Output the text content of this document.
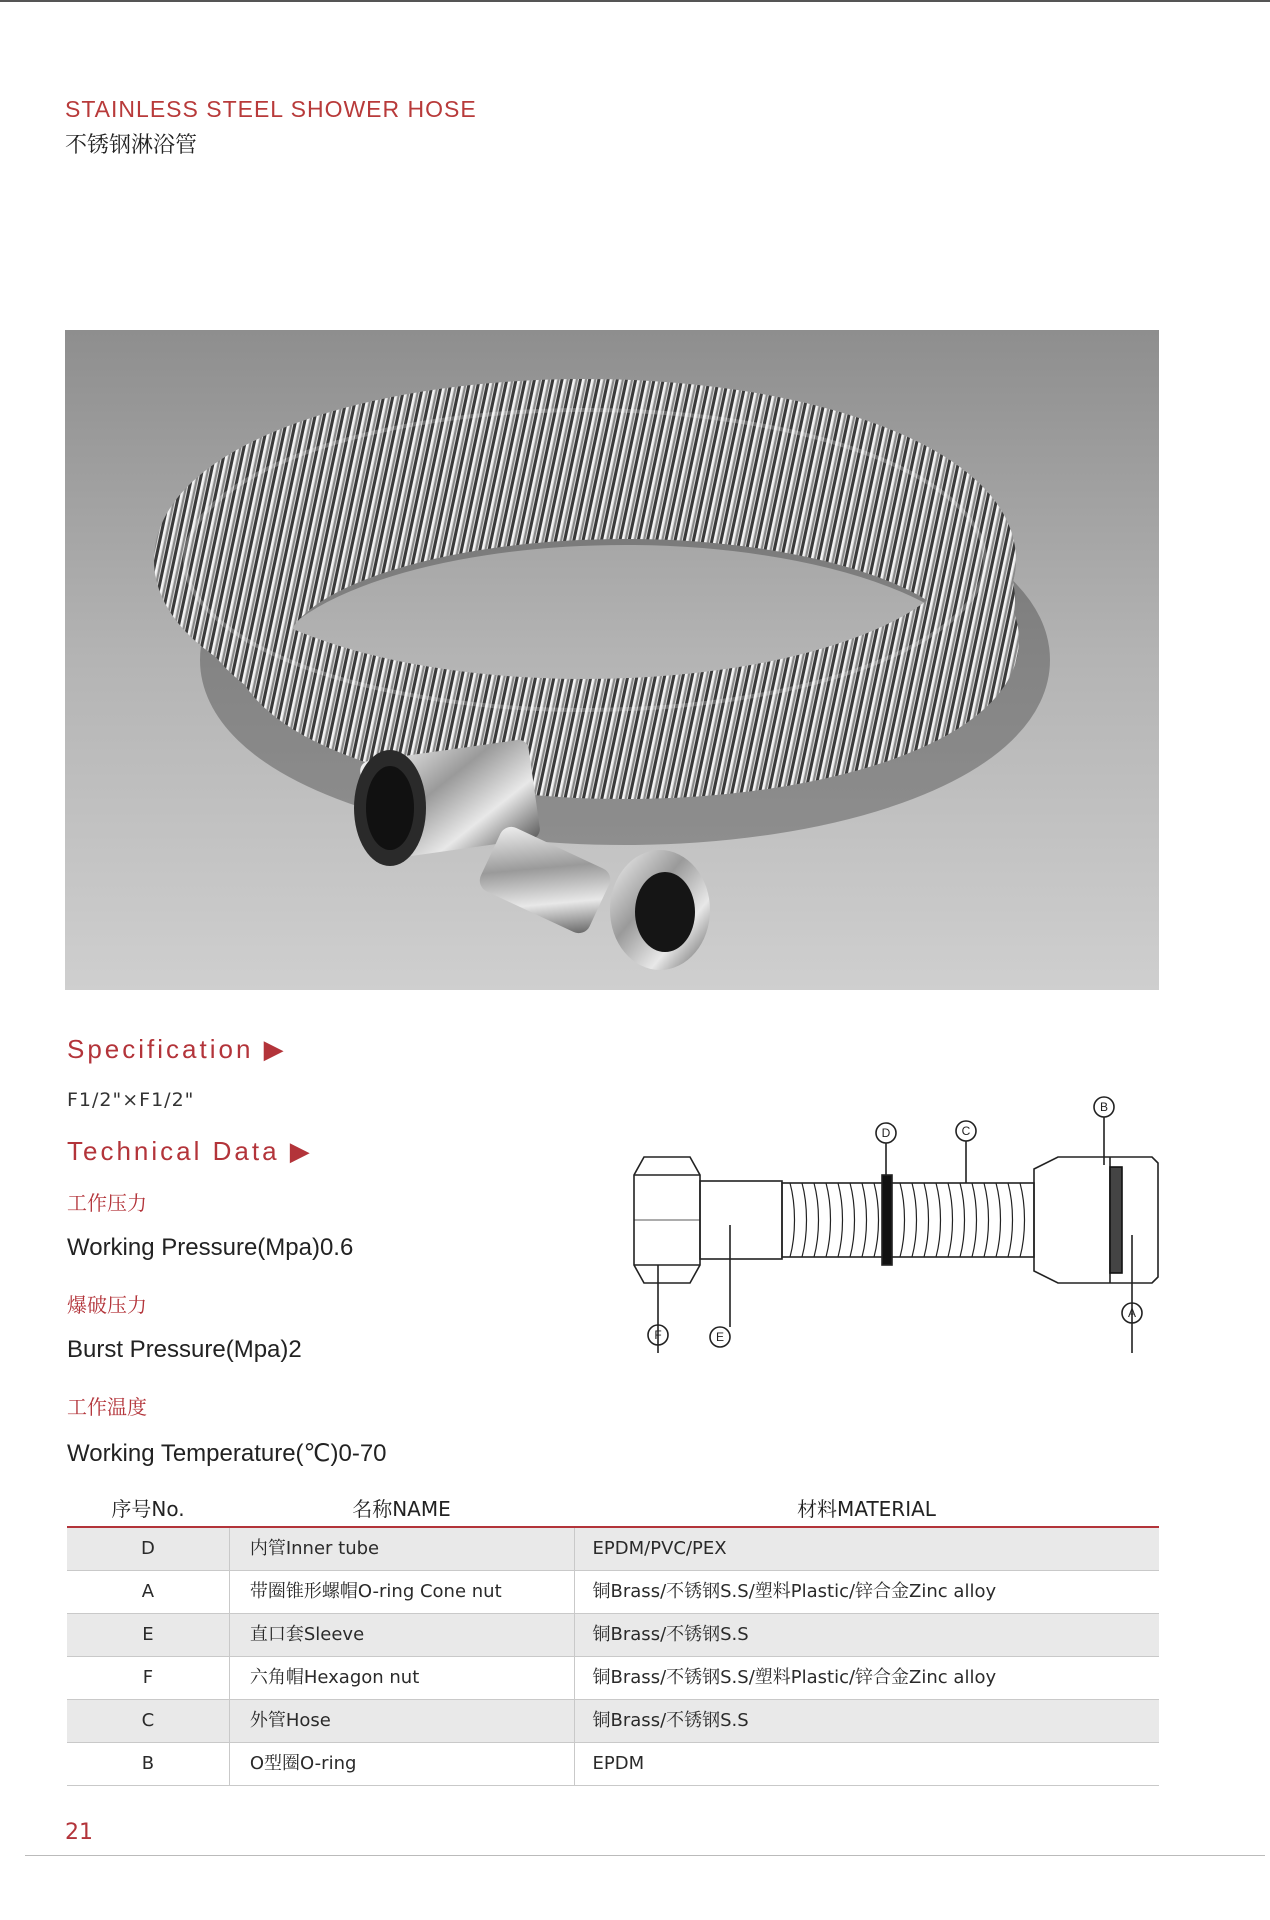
STAINLESS STEEL SHOWER HOSE
不锈钢淋浴管
Specification ▶
F1/2"×F1/2"
Technical Data ▶
工作压力
Working Pressure(Mpa)0.6
爆破压力
Burst Pressure(Mpa)2
工作温度
Working Temperature(℃)0-70
D	C
B
E
F
A
序号No.	名称NAME	材料MATERIAL
D	内管Inner tube	EPDM/PVC/PEX
A	带圈锥形螺帽O-ring Cone nut	铜Brass/不锈钢S.S/塑料Plastic/锌合金Zinc alloy
E	直口套Sleeve	铜Brass/不锈钢S.S
F	六角帽Hexagon nut	铜Brass/不锈钢S.S/塑料Plastic/锌合金Zinc alloy
C	外管Hose	铜Brass/不锈钢S.S
B	O型圈O-ring	EPDM
21
